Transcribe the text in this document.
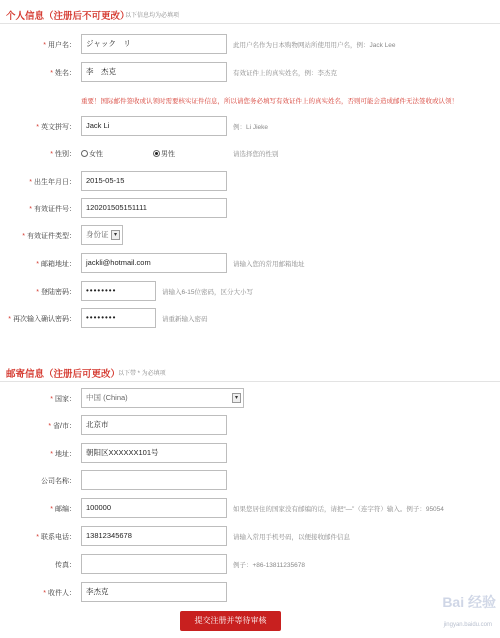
个人信息（注册后不可更改）
以下信息均为必填项
* 用户名：	ジャック　リ	此用户名作为日本购物网站所使用用户名，例：Jack Lee
* 姓名：	李　杰克	有效证件上的真实姓名，例：李杰克
重要！国际邮件签收或认领时需要核实证件信息，所以请您务必填写有效证件上的真实姓名，否则可能会造成邮件无法签收或认领！
* 英文拼写：	Jack Li	例：Li Jieke
* 性别：	女性	男性	请选择您的性别
* 出生年月日：	2015-05-15
* 有效证件号：	120201505151111
* 有效证件类型：	身份证 ▾
* 邮箱地址：	jackli@hotmail.com	请输入您的常用邮箱地址
* 登陆密码：	••••••••	请输入6-15位密码，区分大小写
* 再次输入确认密码：	••••••••	请重新输入密码
邮寄信息（注册后可更改）
以下带 * 为必填项
* 国家：	中国 (China)	▾
* 省/市：	北京市
* 地址：	朝阳区XXXXXX101号
公司名称：
* 邮编：	100000	如果您居住的国家没有邮编的话，请把“—”（连字符）输入。例子：95054
* 联系电话：	13812345678	请输入常用手机号码，以便接收邮件信息
传真：	例子：+86-13811235678
* 收件人：	李杰克
提交注册并等待审核
Bai 经验
jingyan.baidu.com
